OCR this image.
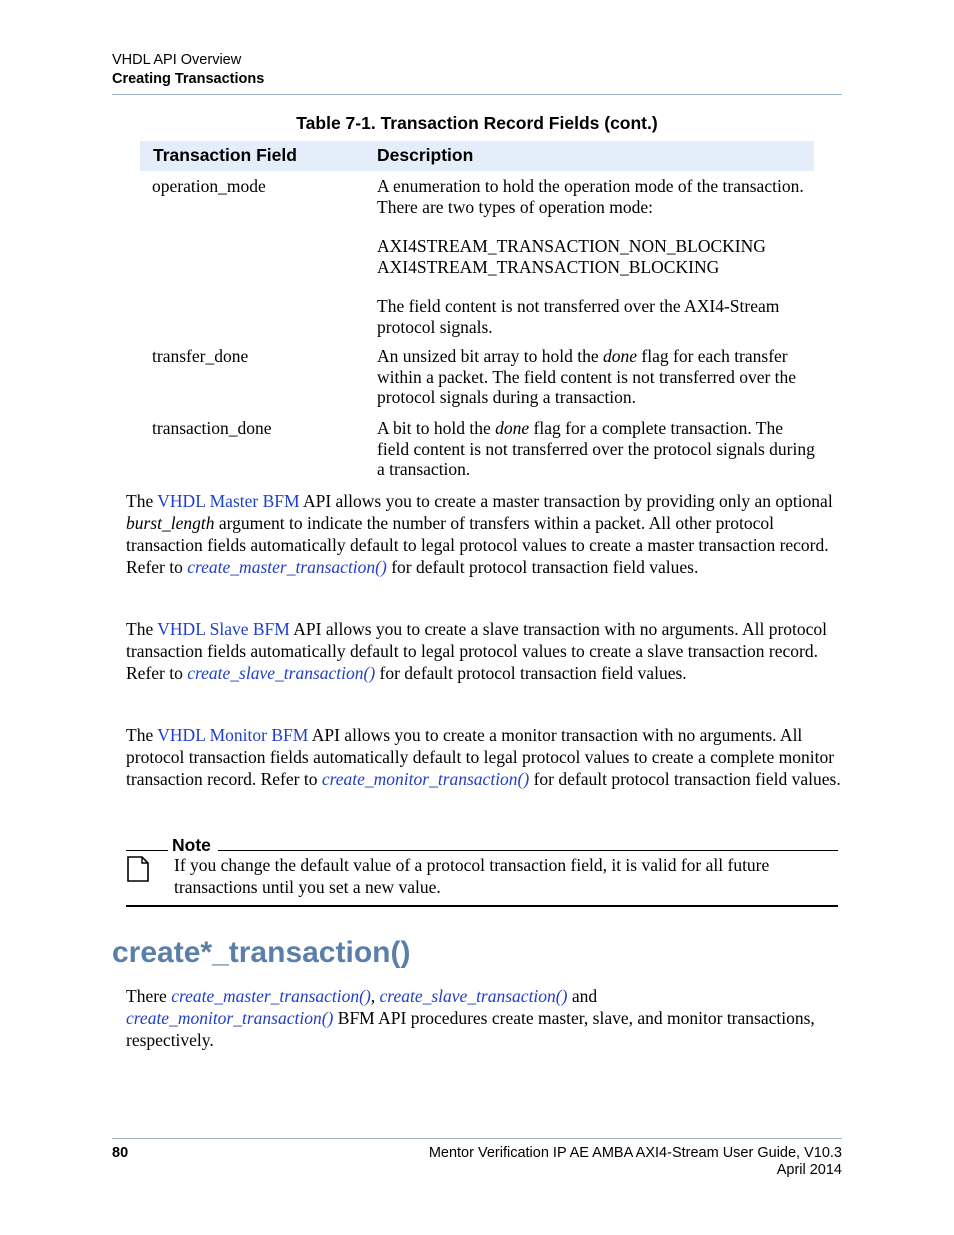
VHDL API Overview
Creating Transactions
Table 7-1. Transaction Record Fields (cont.)
Transaction Field	Description
operation_mode	A enumeration to hold the operation mode of the transaction. There are two types of operation mode:

AXI4STREAM_TRANSACTION_NON_BLOCKING

AXI4STREAM_TRANSACTION_BLOCKING

The field content is not transferred over the AXI4-Stream protocol signals.

transfer_done	An unsized bit array to hold the done flag for each transfer within a packet. The field content is not transferred over the protocol signals during a transaction.
transaction_done	A bit to hold the done flag for a complete transaction. The field content is not transferred over the protocol signals during a transaction.
The VHDL Master BFM API allows you to create a master transaction by providing only an optional burst_length argument to indicate the number of transfers within a packet. All other protocol transaction fields automatically default to legal protocol values to create a master transaction record. Refer to create_master_transaction() for default protocol transaction field values.
The VHDL Slave BFM API allows you to create a slave transaction with no arguments. All protocol transaction fields automatically default to legal protocol values to create a slave transaction record. Refer to create_slave_transaction() for default protocol transaction field values.
The VHDL Monitor BFM API allows you to create a monitor transaction with no arguments. All protocol transaction fields automatically default to legal protocol values to create a complete monitor transaction record. Refer to create_monitor_transaction() for default protocol transaction field values.
Note
If you change the default value of a protocol transaction field, it is valid for all future transactions until you set a new value.
create*_transaction()
There create_master_transaction(), create_slave_transaction() and
create_monitor_transaction() BFM API procedures create master, slave, and monitor transactions, respectively.
80	Mentor Verification IP AE AMBA AXI4-Stream User Guide, V10.3
April 2014
